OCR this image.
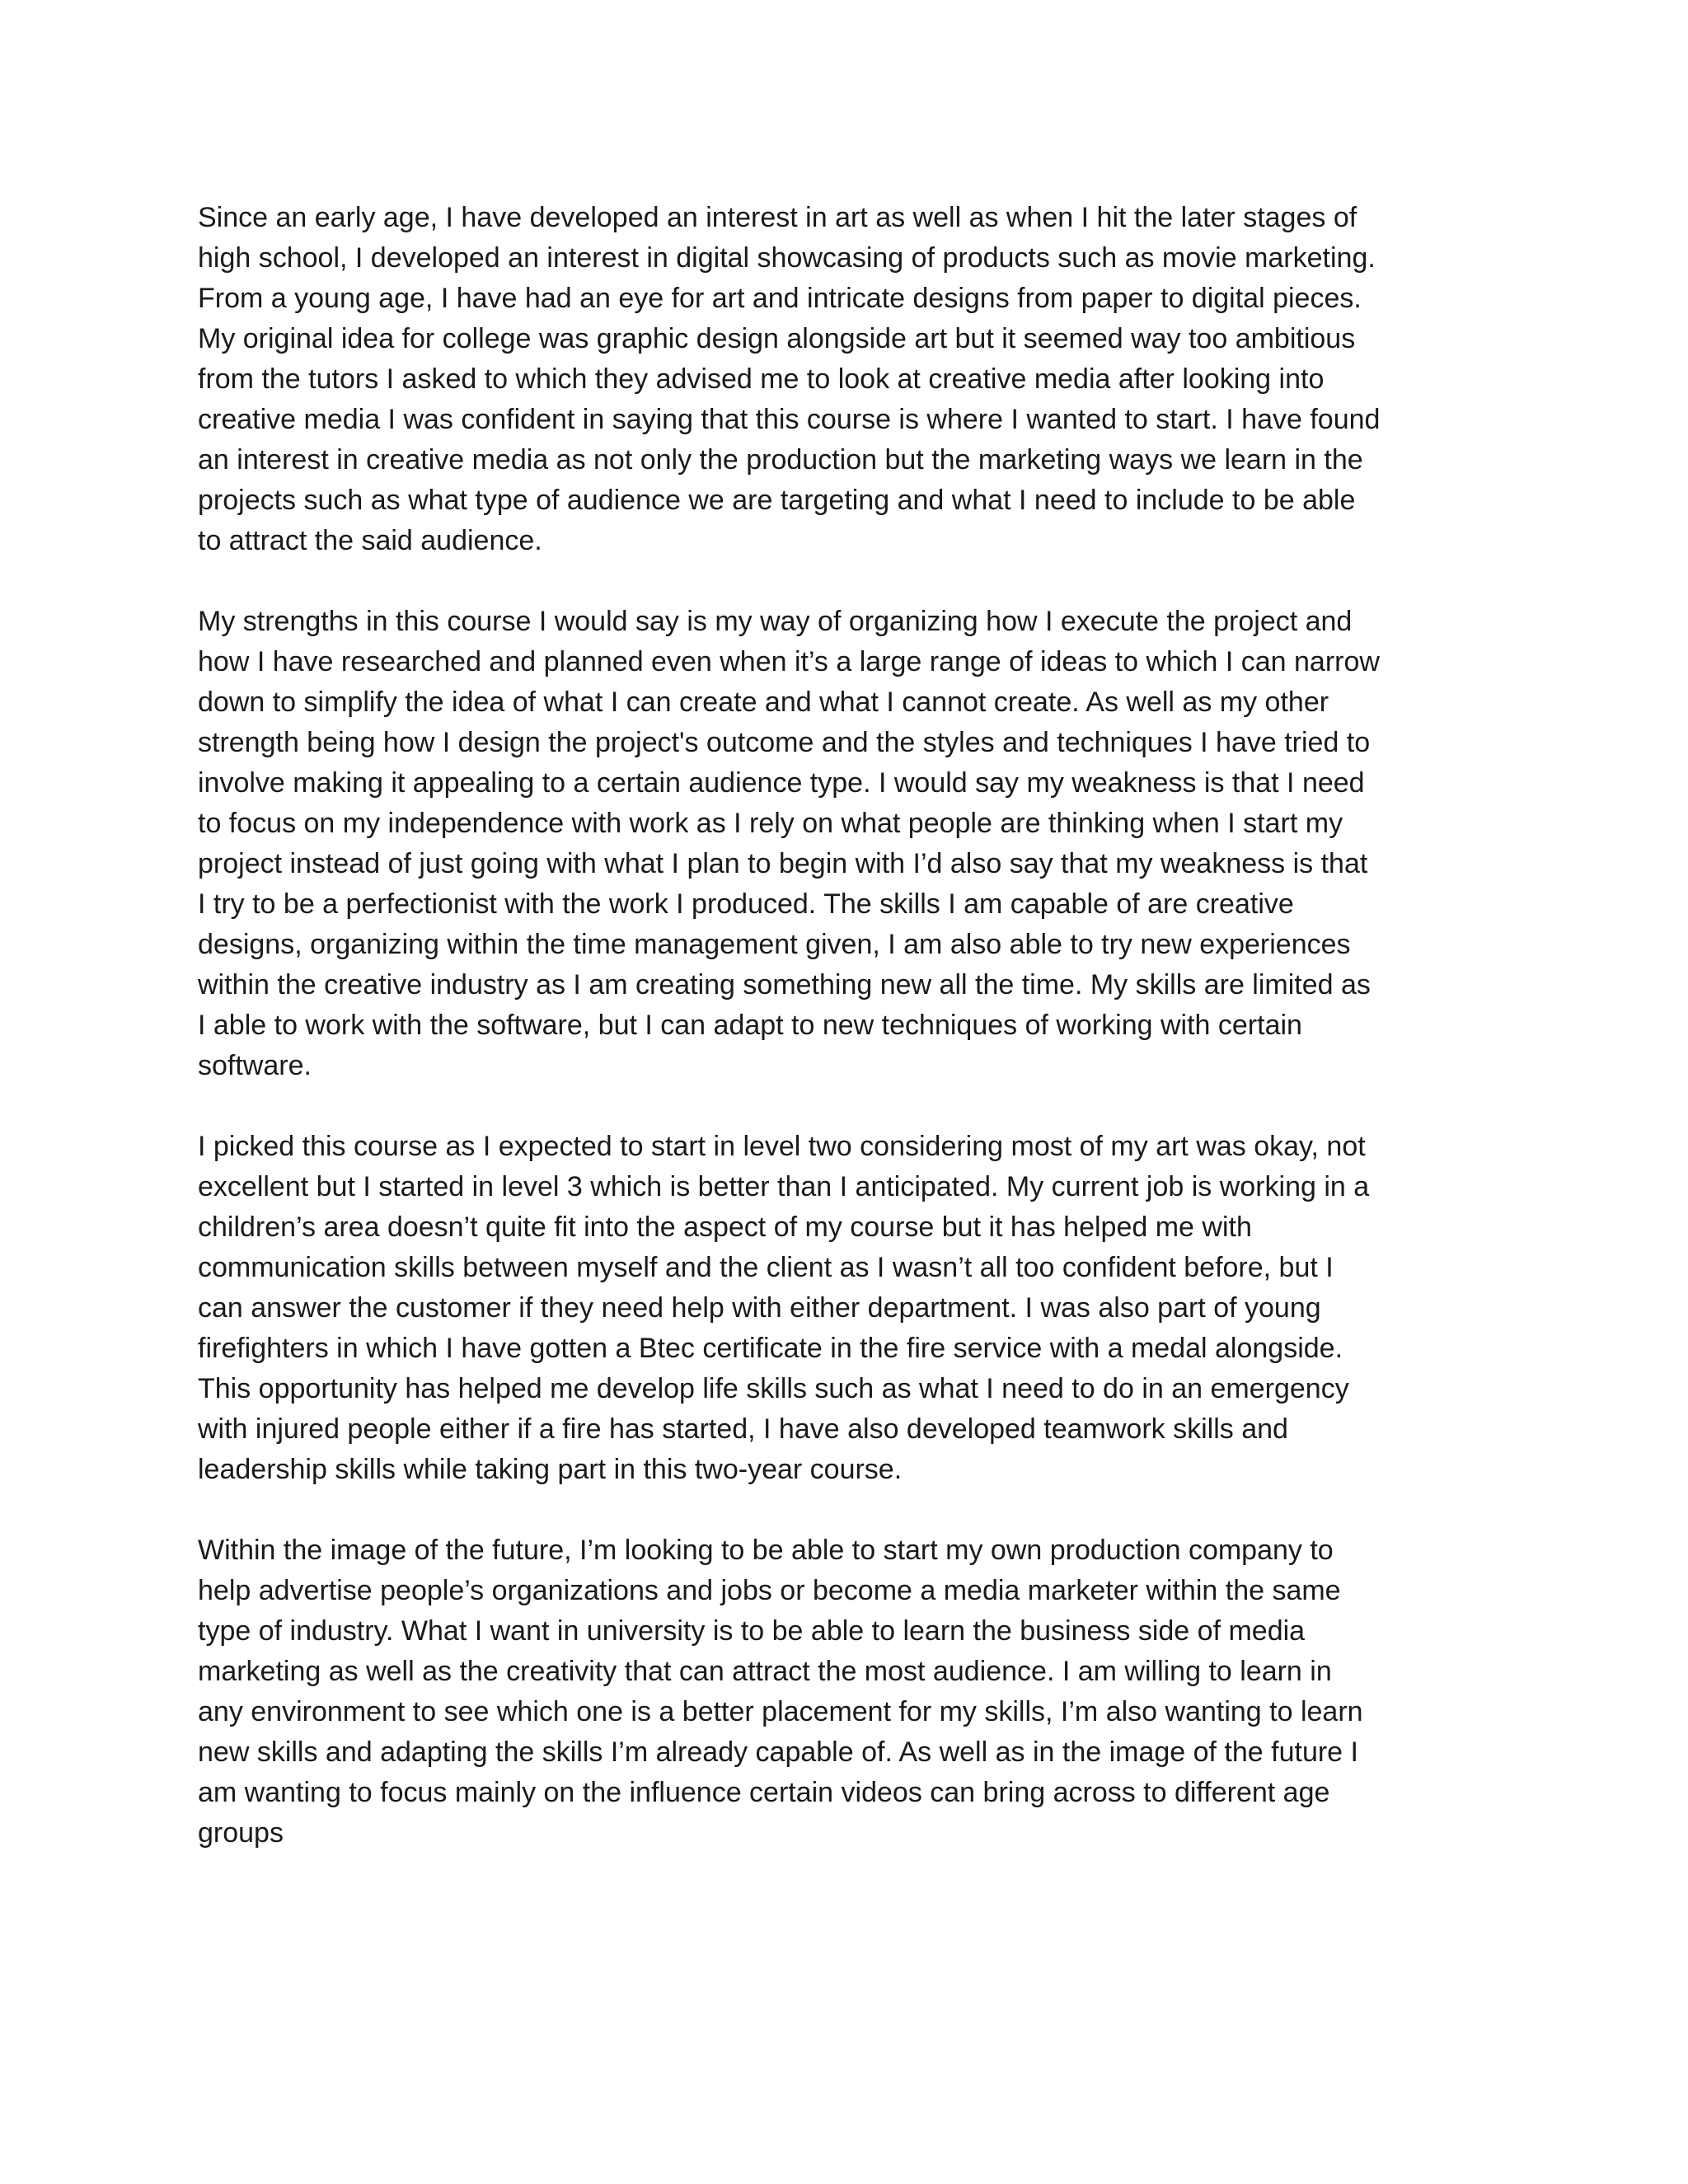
Since an early age, I have developed an interest in art as well as when I hit the later stages of
high school, I developed an interest in digital showcasing of products such as movie marketing.
From a young age, I have had an eye for art and intricate designs from paper to digital pieces.
My original idea for college was graphic design alongside art but it seemed way too ambitious
from the tutors I asked to which they advised me to look at creative media after looking into
creative media I was confident in saying that this course is where I wanted to start. I have found
an interest in creative media as not only the production but the marketing ways we learn in the
projects such as what type of audience we are targeting and what I need to include to be able
to attract the said audience.

My strengths in this course I would say is my way of organizing how I execute the project and
how I have researched and planned even when it’s a large range of ideas to which I can narrow
down to simplify the idea of what I can create and what I cannot create. As well as my other
strength being how I design the project's outcome and the styles and techniques I have tried to
involve making it appealing to a certain audience type. I would say my weakness is that I need
to focus on my independence with work as I rely on what people are thinking when I start my
project instead of just going with what I plan to begin with I’d also say that my weakness is that
I try to be a perfectionist with the work I produced. The skills I am capable of are creative
designs, organizing within the time management given, I am also able to try new experiences
within the creative industry as I am creating something new all the time. My skills are limited as
I able to work with the software, but I can adapt to new techniques of working with certain
software.

I picked this course as I expected to start in level two considering most of my art was okay, not
excellent but I started in level 3 which is better than I anticipated. My current job is working in a
children’s area doesn’t quite fit into the aspect of my course but it has helped me with
communication skills between myself and the client as I wasn’t all too confident before, but I
can answer the customer if they need help with either department. I was also part of young
firefighters in which I have gotten a Btec certificate in the fire service with a medal alongside.
This opportunity has helped me develop life skills such as what I need to do in an emergency
with injured people either if a fire has started, I have also developed teamwork skills and
leadership skills while taking part in this two-year course.

Within the image of the future, I’m looking to be able to start my own production company to
help advertise people’s organizations and jobs or become a media marketer within the same
type of industry. What I want in university is to be able to learn the business side of media
marketing as well as the creativity that can attract the most audience. I am willing to learn in
any environment to see which one is a better placement for my skills, I’m also wanting to learn
new skills and adapting the skills I’m already capable of. As well as in the image of the future I
am wanting to focus mainly on the influence certain videos can bring across to different age
groups
